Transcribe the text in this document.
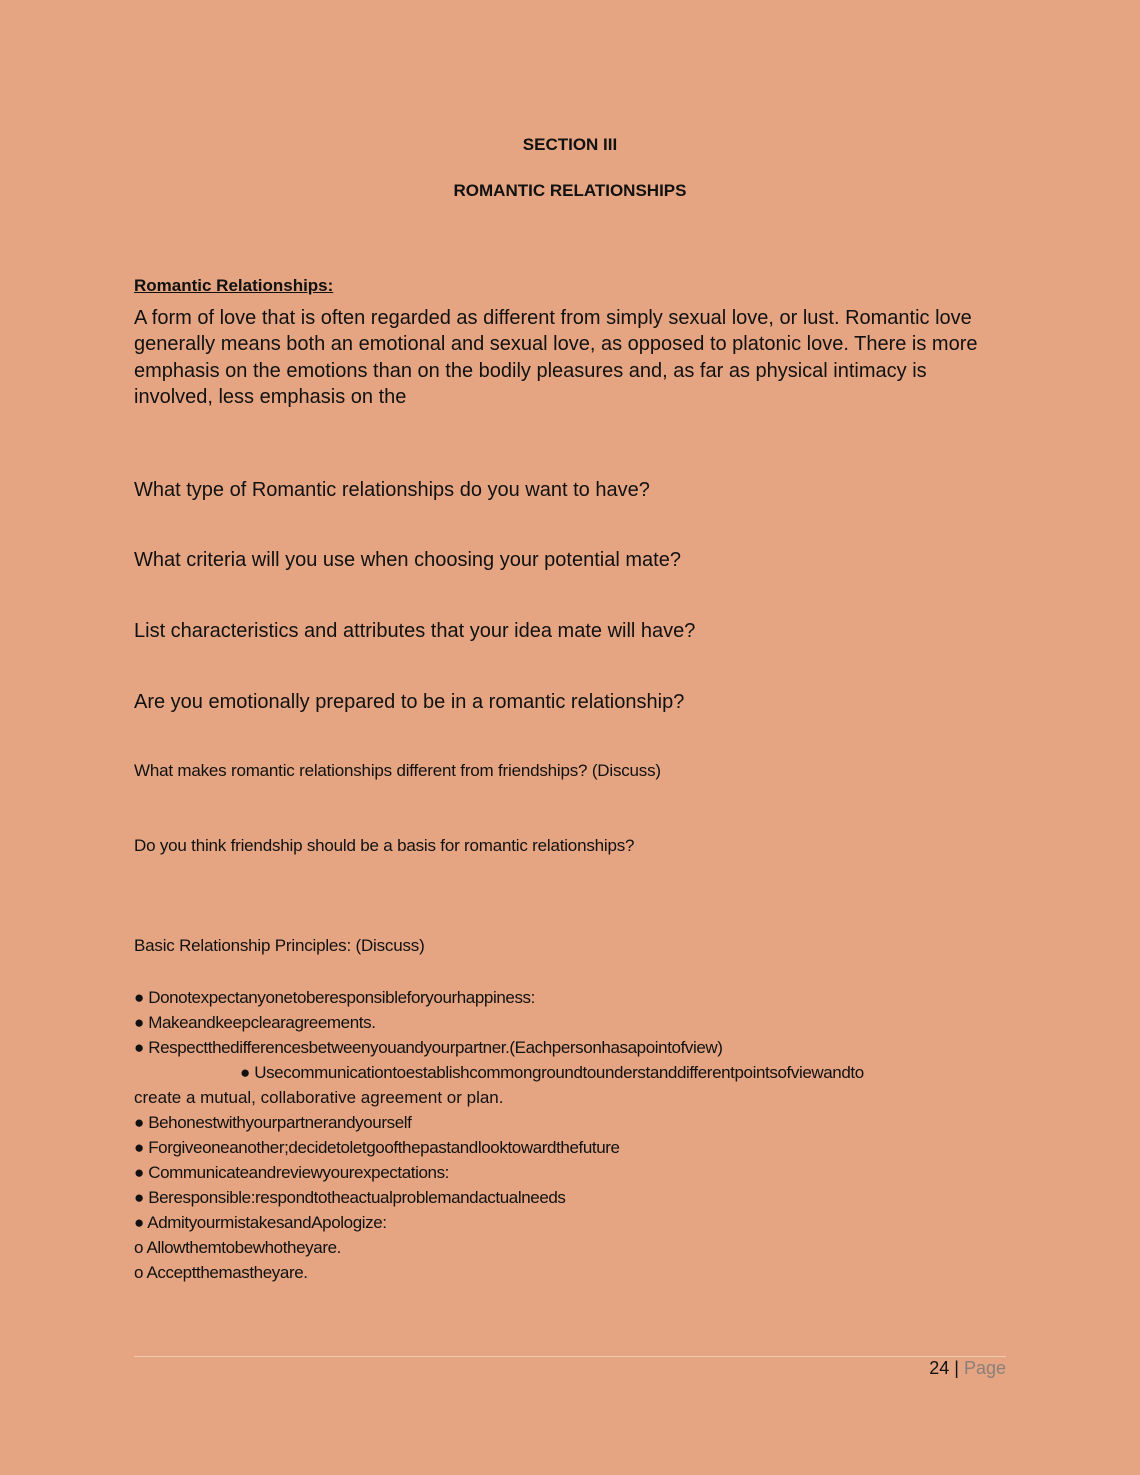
SECTION III
ROMANTIC RELATIONSHIPS
Romantic Relationships:
A form of love that is often regarded as different from simply sexual love, or lust. Romantic love
generally means both an emotional and sexual love, as opposed to platonic love. There is more
emphasis on the emotions than on the bodily pleasures and, as far as physical intimacy is
involved, less emphasis on the
What type of Romantic relationships do you want to have?
What criteria will you use when choosing your potential mate?
List characteristics and attributes that your idea mate will have?
Are you emotionally prepared to be in a romantic relationship?
What makes romantic relationships different from friendships? (Discuss)
Do you think friendship should be a basis for romantic relationships?
Basic Relationship Principles: (Discuss)
● Donotexpectanyonetoberesponsibleforyourhappiness:
● Makeandkeepclearagreements.
● Respectthedifferencesbetweenyouandyourpartner.(Eachpersonhasapointofview)
● Usecommunicationtoestablishcommongroundtounderstanddifferentpointsofviewandto
create a mutual, collaborative agreement or plan.
● Behonestwithyourpartnerandyourself
● Forgiveoneanother;decidetoletgoofthepastandlooktowardthefuture
● Communicateandreviewyourexpectations:
● Beresponsible:respondtotheactualproblemandactualneeds
● AdmityourmistakesandApologize:
o Allowthemtobewhotheyare.
o Acceptthemastheyare.
24 | Page
